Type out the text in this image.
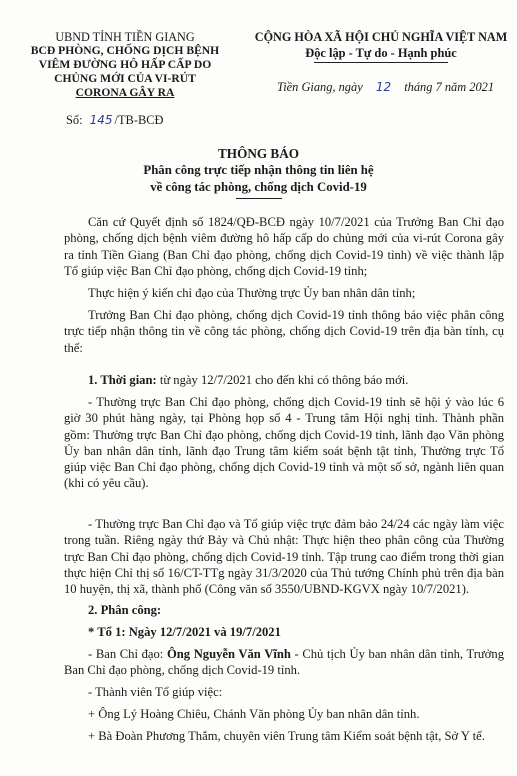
UBND TỈNH TIỀN GIANG
BCĐ PHÒNG, CHỐNG DỊCH BỆNH
VIÊM ĐƯỜNG HÔ HẤP CẤP DO
CHỦNG MỚI CỦA VI-RÚT
CORONA GÂY RA
Số: 145 /TB-BCĐ
CỘNG HÒA XÃ HỘI CHỦ NGHĨA VIỆT NAM
Độc lập - Tự do - Hạnh phúc
Tiền Giang, ngày 12 tháng 7 năm 2021
THÔNG BÁO
Phân công trực tiếp nhận thông tin liên hệ
về công tác phòng, chống dịch Covid-19
Căn cứ Quyết định số 1824/QĐ-BCĐ ngày 10/7/2021 của Trưởng Ban Chỉ đạo phòng, chống dịch bệnh viêm đường hô hấp cấp do chủng mới của vi-rút Corona gây ra tỉnh Tiền Giang (Ban Chỉ đạo phòng, chống dịch Covid-19 tỉnh) về việc thành lập Tổ giúp việc Ban Chỉ đạo phòng, chống dịch Covid-19 tỉnh;
Thực hiện ý kiến chỉ đạo của Thường trực Ủy ban nhân dân tỉnh;
Trưởng Ban Chỉ đạo phòng, chống dịch Covid-19 tỉnh thông báo việc phân công trực tiếp nhận thông tin về công tác phòng, chống dịch Covid-19 trên địa bàn tỉnh, cụ thể:
1. Thời gian: từ ngày 12/7/2021 cho đến khi có thông báo mới.
- Thường trực Ban Chỉ đạo phòng, chống dịch Covid-19 tỉnh sẽ hội ý vào lúc 6 giờ 30 phút hàng ngày, tại Phòng họp số 4 - Trung tâm Hội nghị tỉnh. Thành phần gồm: Thường trực Ban Chỉ đạo phòng, chống dịch Covid-19 tỉnh, lãnh đạo Văn phòng Ủy ban nhân dân tỉnh, lãnh đạo Trung tâm kiểm soát bệnh tật tỉnh, Thường trực Tổ giúp việc Ban Chỉ đạo phòng, chống dịch Covid-19 tỉnh và một số sở, ngành liên quan (khi có yêu cầu).
- Thường trực Ban Chỉ đạo và Tổ giúp việc trực đảm bảo 24/24 các ngày làm việc trong tuần. Riêng ngày thứ Bảy và Chủ nhật: Thực hiện theo phân công của Thường trực Ban Chỉ đạo phòng, chống dịch Covid-19 tỉnh. Tập trung cao điểm trong thời gian thực hiện Chỉ thị số 16/CT-TTg ngày 31/3/2020 của Thủ tướng Chính phủ trên địa bàn 10 huyện, thị xã, thành phố (Công văn số 3550/UBND-KGVX ngày 10/7/2021).
2. Phân công:
* Tổ 1: Ngày 12/7/2021 và 19/7/2021
- Ban Chỉ đạo: Ông Nguyễn Văn Vĩnh - Chủ tịch Ủy ban nhân dân tỉnh, Trưởng Ban Chỉ đạo phòng, chống dịch Covid-19 tỉnh.
- Thành viên Tổ giúp việc:
+ Ông Lý Hoàng Chiêu, Chánh Văn phòng Ủy ban nhân dân tỉnh.
+ Bà Đoàn Phương Thắm, chuyên viên Trung tâm Kiểm soát bệnh tật, Sở Y tế.
